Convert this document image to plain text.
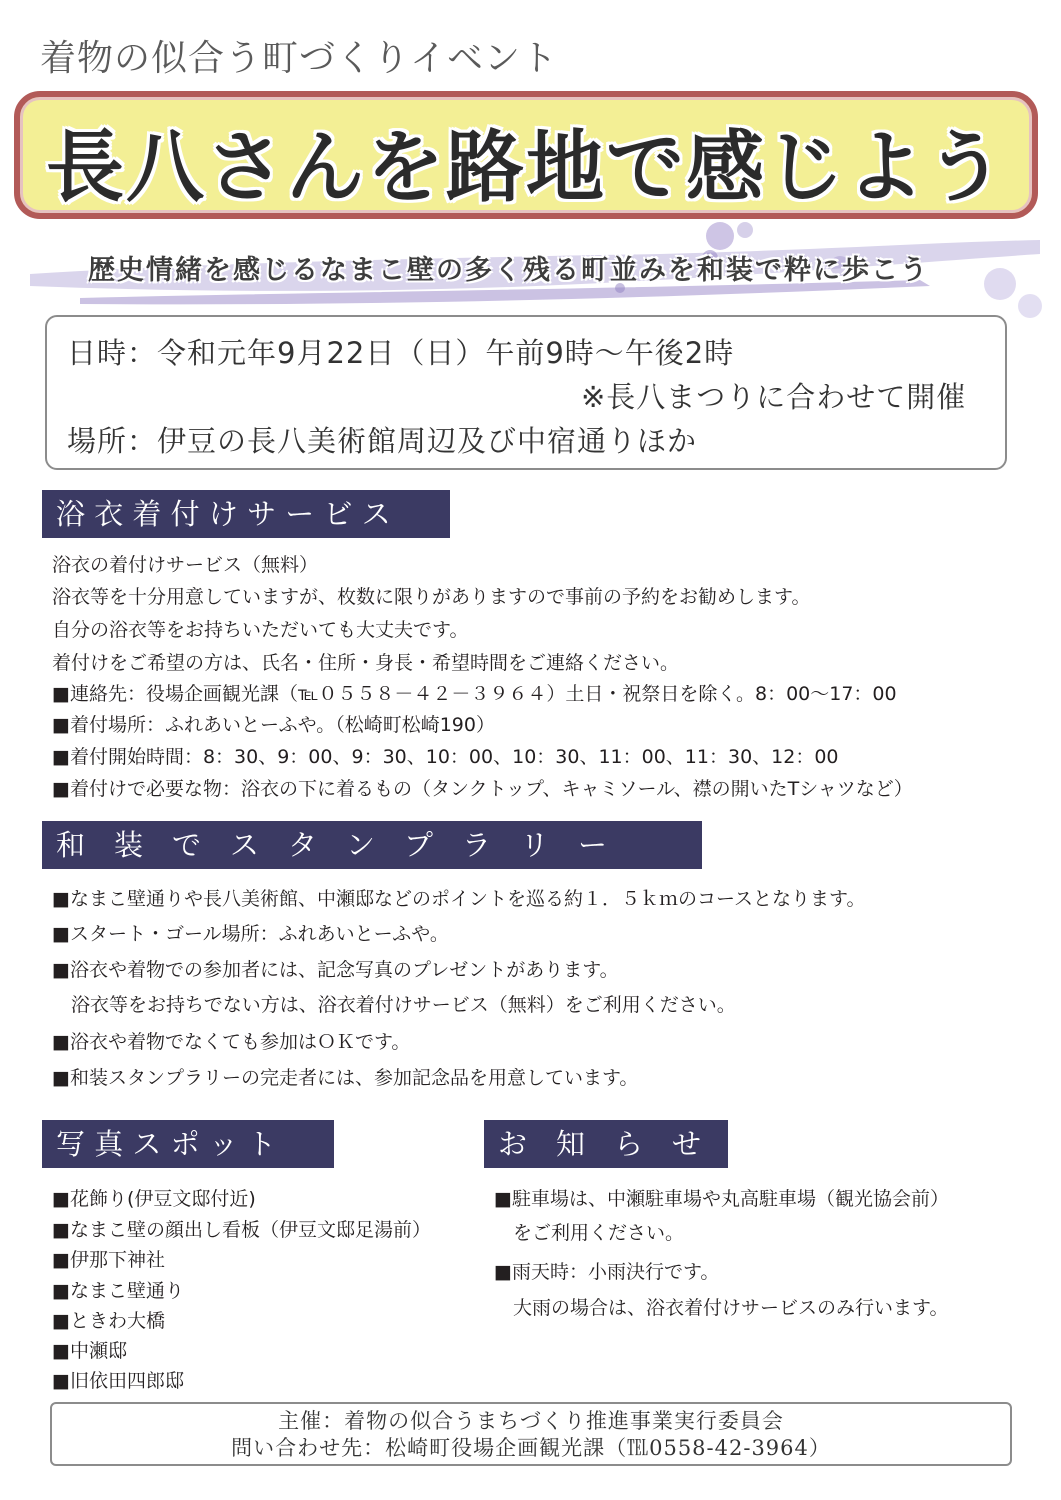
着物の似合う町づくりイベント
長八さんを路地で感じよう
歴史情緒を感じるなまこ壁の多く残る町並みを和装で粋に歩こう
日時：令和元年9月22日（日）午前9時～午後2時
※長八まつりに合わせて開催
場所：伊豆の長八美術館周辺及び中宿通りほか
浴 衣 着 付 け サ ー ビ ス
浴衣の着付けサービス（無料）
浴衣等を十分用意していますが、枚数に限りがありますので事前の予約をお勧めします。
自分の浴衣等をお持ちいただいても大丈夫です。
着付けをご希望の方は、氏名・住所・身長・希望時間をご連絡ください。
■連絡先：役場企画観光課（℡０５５８－４２－３９６４）土日・祝祭日を除く。8：00～17：00
■着付場所：ふれあいとーふや。（松崎町松崎190）
■着付開始時間：8：30、9：00、9：30、10：00、10：30、11：00、11：30、12：00
■着付けで必要な物：浴衣の下に着るもの（タンクトップ、キャミソール、襟の開いたTシャツなど）
和　装　で　ス　タ　ン　プ　ラ　リ　ー
■なまこ壁通りや長八美術館、中瀬邸などのポイントを巡る約１．５ｋｍのコースとなります。
■スタート・ゴール場所：ふれあいとーふや。
■浴衣や着物での参加者には、記念写真のプレゼントがあります。
　浴衣等をお持ちでない方は、浴衣着付けサービス（無料）をご利用ください。
■浴衣や着物でなくても参加はＯＫです。
■和装スタンプラリーの完走者には、参加記念品を用意しています。
写 真 ス ポ ッ ト
■花飾り(伊豆文邸付近)
■なまこ壁の顔出し看板（伊豆文邸足湯前）
■伊那下神社
■なまこ壁通り
■ときわ大橋
■中瀬邸
■旧依田四郎邸
お　知　ら　せ
■駐車場は、中瀬駐車場や丸高駐車場（観光協会前）
　をご利用ください。
■雨天時：小雨決行です。
　大雨の場合は、浴衣着付けサービスのみ行います。
主催：着物の似合うまちづくり推進事業実行委員会
問い合わせ先：松崎町役場企画観光課（℡0558-42-3964）
